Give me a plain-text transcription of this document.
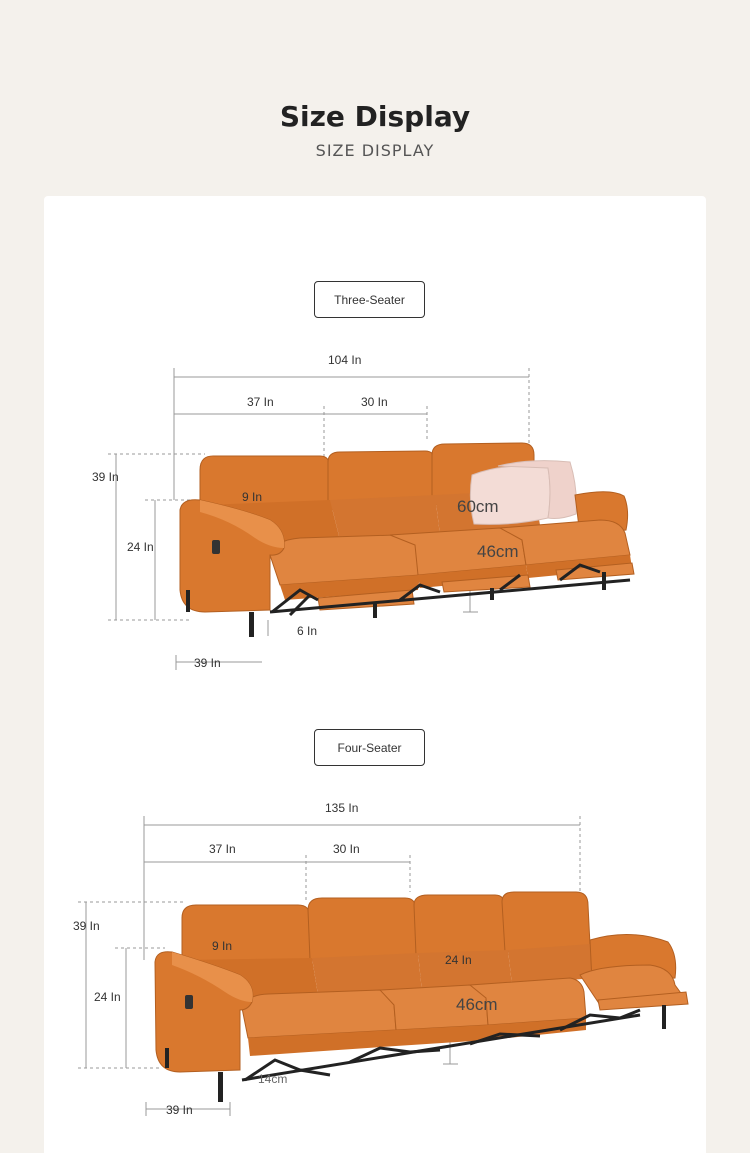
Size Display
SIZE DISPLAY
Three-Seater
104 In
37 In	30 In
39 In
24 In
9 In
6 In
39 In
60cm
46cm
Four-Seater
135 In
37 In	30 In
39 In
24 In
9 In
24 In
46cm
14cm
39 In
